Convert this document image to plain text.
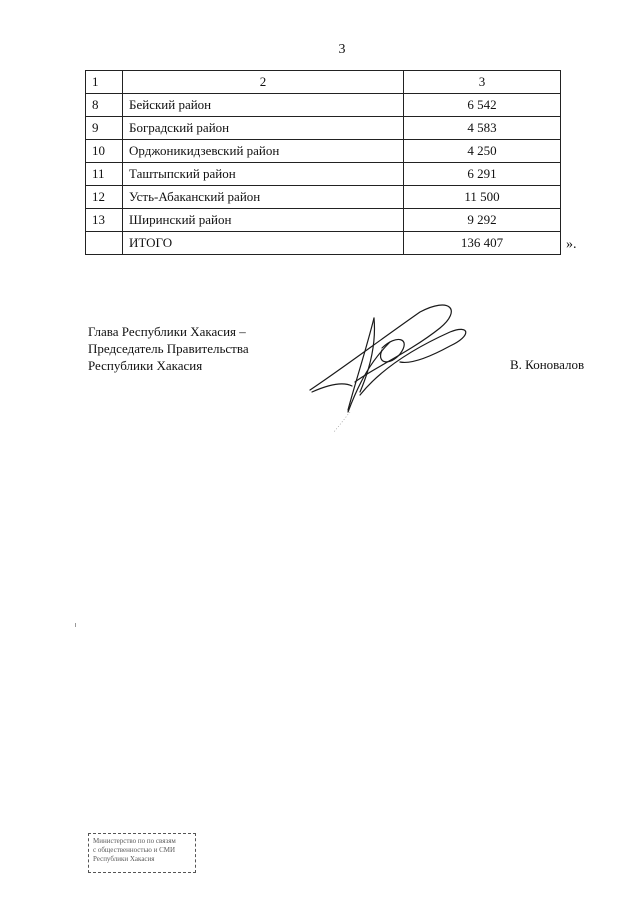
3
1	2	3
8	Бейский район	6 542
9	Боградский район	4 583
10	Орджоникидзевский район	4 250
11	Таштыпский район	6 291
12	Усть-Абаканский район	11 500
13	Ширинский район	9 292
	ИТОГО	136 407	».
Глава Республики Хакасия –
Председатель Правительства
Республики Хакасия	В. Коновалов
Министерство по по связям
с общественностью и СМИ
Республики Хакасия
